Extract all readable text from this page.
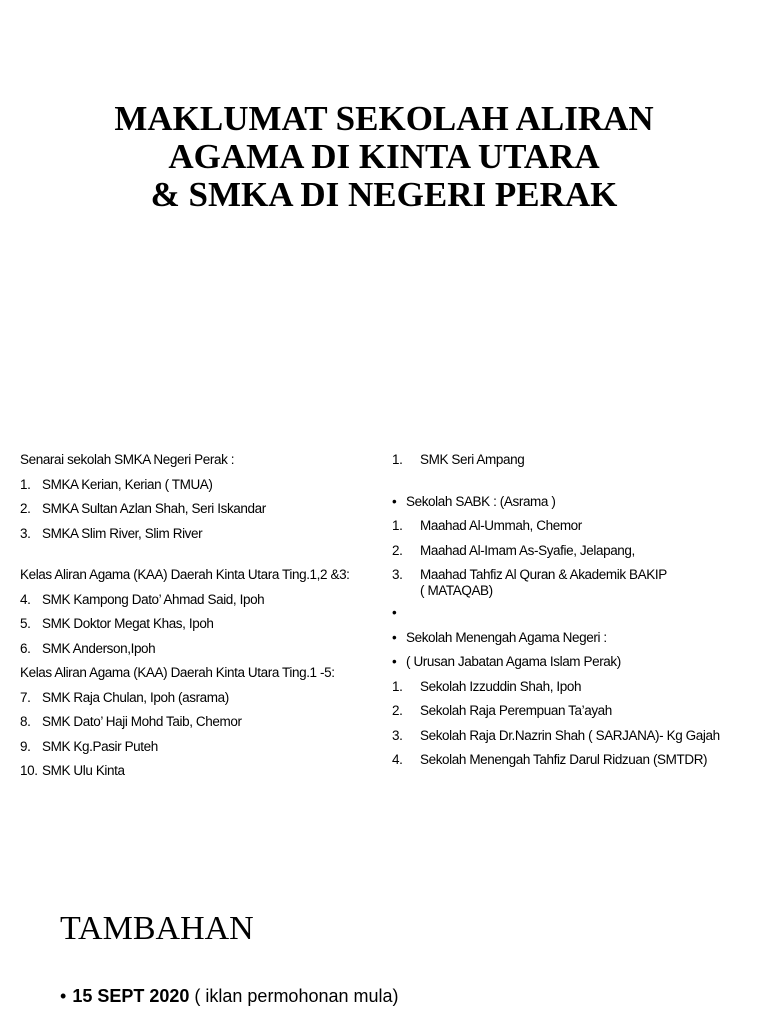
MAKLUMAT SEKOLAH ALIRAN
AGAMA DI KINTA UTARA
& SMKA DI NEGERI PERAK
Senarai sekolah SMKA Negeri Perak :
1. SMKA Kerian, Kerian ( TMUA)
2. SMKA Sultan Azlan Shah, Seri Iskandar
3. SMKA Slim River, Slim River
Kelas Aliran Agama (KAA) Daerah Kinta Utara Ting.1,2 &3:
4. SMK Kampong Dato’ Ahmad Said, Ipoh
5. SMK Doktor Megat Khas, Ipoh
6. SMK Anderson,Ipoh
Kelas Aliran Agama (KAA) Daerah Kinta Utara Ting.1 -5:
7. SMK Raja Chulan, Ipoh (asrama)
8. SMK Dato’ Haji Mohd Taib, Chemor
9. SMK Kg.Pasir Puteh
10. SMK Ulu Kinta
1. SMK Seri Ampang
• Sekolah SABK : (Asrama )
1. Maahad Al-Ummah, Chemor
2. Maahad Al-Imam As-Syafie, Jelapang,
3. Maahad Tahfiz Al Quran & Akademik BAKIP
( MATAQAB)
•
• Sekolah Menengah Agama Negeri :
• ( Urusan Jabatan Agama Islam Perak)
1. Sekolah Izzuddin Shah, Ipoh
2. Sekolah Raja Perempuan Ta’ayah
3. Sekolah Raja Dr.Nazrin Shah ( SARJANA)- Kg Gajah
4. Sekolah Menengah Tahfiz Darul Ridzuan (SMTDR)
TAMBAHAN
• 15 SEPT 2020 ( iklan permohonan mula)
